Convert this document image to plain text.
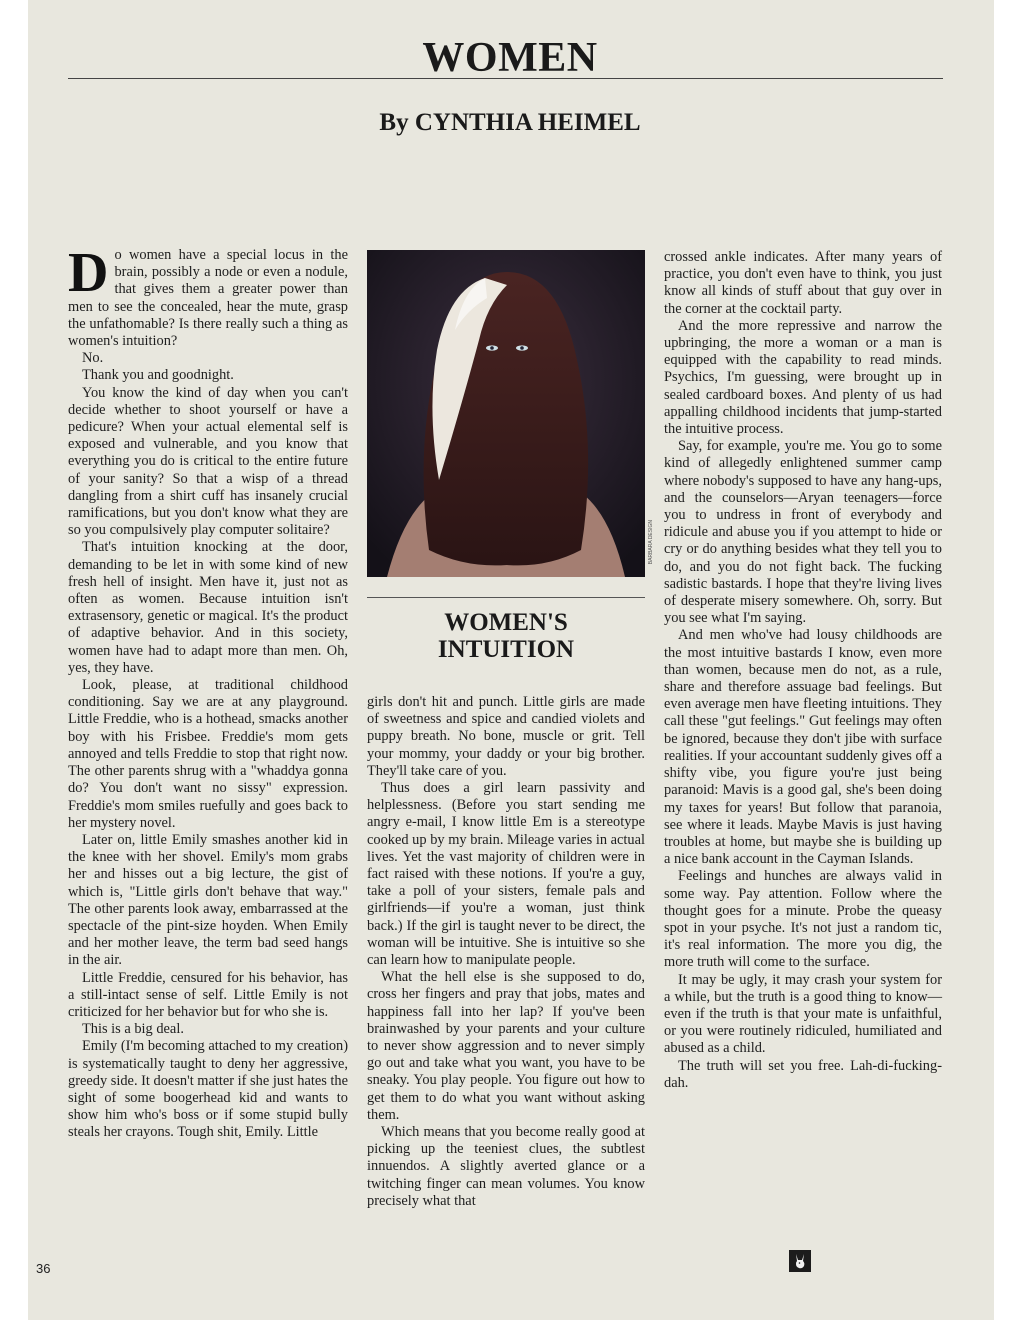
WOMEN
By CYNTHIA HEIMEL

Do women have a special locus in the brain, possibly a node or even a nodule, that gives them a greater power than men to see the concealed, hear the mute, grasp the unfathomable? Is there really such a thing as women's intuition?

No.

Thank you and goodnight.

You know the kind of day when you can't decide whether to shoot yourself or have a pedicure? When your actual elemental self is exposed and vulnerable, and you know that everything you do is critical to the entire future of your sanity? So that a wisp of a thread dangling from a shirt cuff has insanely crucial ramifications, but you don't know what they are so you compulsively play computer solitaire?

That's intuition knocking at the door, demanding to be let in with some kind of new fresh hell of insight. Men have it, just not as often as women. Because intuition isn't extrasensory, genetic or magical. It's the product of adaptive behavior. And in this society, women have had to adapt more than men. Oh, yes, they have.

Look, please, at traditional childhood conditioning. Say we are at any playground. Little Freddie, who is a hothead, smacks another boy with his Frisbee. Freddie's mom gets annoyed and tells Freddie to stop that right now. The other parents shrug with a "whaddya gonna do? You don't want no sissy" expression. Freddie's mom smiles ruefully and goes back to her mystery novel.

Later on, little Emily smashes another kid in the knee with her shovel. Emily's mom grabs her and hisses out a big lecture, the gist of which is, "Little girls don't behave that way." The other parents look away, embarrassed at the spectacle of the pint-size hoyden. When Emily and her mother leave, the term bad seed hangs in the air.

Little Freddie, censured for his behavior, has a still-intact sense of self. Little Emily is not criticized for her behavior but for who she is.

This is a big deal.

Emily (I'm becoming attached to my creation) is systematically taught to deny her aggressive, greedy side. It doesn't matter if she just hates the sight of some boogerhead kid and wants to show him who's boss or if some stupid bully steals her crayons. Tough shit, Emily. Little

BARBARA DESIGN
WOMEN'S
INTUITION

girls don't hit and punch. Little girls are made of sweetness and spice and candied violets and puppy breath. No bone, muscle or grit. Tell your mommy, your daddy or your big brother. They'll take care of you.

Thus does a girl learn passivity and helplessness. (Before you start sending me angry e-mail, I know little Em is a stereotype cooked up by my brain. Mileage varies in actual lives. Yet the vast majority of children were in fact raised with these notions. If you're a guy, take a poll of your sisters, female pals and girlfriends—if you're a woman, just think back.) If the girl is taught never to be direct, the woman will be intuitive. She is intuitive so she can learn how to manipulate people.

What the hell else is she supposed to do, cross her fingers and pray that jobs, mates and happiness fall into her lap? If you've been brainwashed by your parents and your culture to never show aggression and to never simply go out and take what you want, you have to be sneaky. You play people. You figure out how to get them to do what you want without asking them.

Which means that you become really good at picking up the teeniest clues, the subtlest innuendos. A slightly averted glance or a twitching finger can mean volumes. You know precisely what that

crossed ankle indicates. After many years of practice, you don't even have to think, you just know all kinds of stuff about that guy over in the corner at the cocktail party.

And the more repressive and narrow the upbringing, the more a woman or a man is equipped with the capability to read minds. Psychics, I'm guessing, were brought up in sealed cardboard boxes. And plenty of us had appalling childhood incidents that jump-started the intuitive process.

Say, for example, you're me. You go to some kind of allegedly enlightened summer camp where nobody's supposed to have any hang-ups, and the counselors—Aryan teenagers—force you to undress in front of everybody and ridicule and abuse you if you attempt to hide or cry or do anything besides what they tell you to do, and you do not fight back. The fucking sadistic bastards. I hope that they're living lives of desperate misery somewhere. Oh, sorry. But you see what I'm saying.

And men who've had lousy childhoods are the most intuitive bastards I know, even more than women, because men do not, as a rule, share and therefore assuage bad feelings. But even average men have fleeting intuitions. They call these "gut feelings." Gut feelings may often be ignored, because they don't jibe with surface realities. If your accountant suddenly gives off a shifty vibe, you figure you're just being paranoid: Mavis is a good gal, she's been doing my taxes for years! But follow that paranoia, see where it leads. Maybe Mavis is just having troubles at home, but maybe she is building up a nice bank account in the Cayman Islands.

Feelings and hunches are always valid in some way. Pay attention. Follow where the thought goes for a minute. Probe the queasy spot in your psyche. It's not just a random tic, it's real information. The more you dig, the more truth will come to the surface.

It may be ugly, it may crash your system for a while, but the truth is a good thing to know—even if the truth is that your mate is unfaithful, or you were routinely ridiculed, humiliated and abused as a child.

The truth will set you free. Lah-di-fucking-dah.

36
